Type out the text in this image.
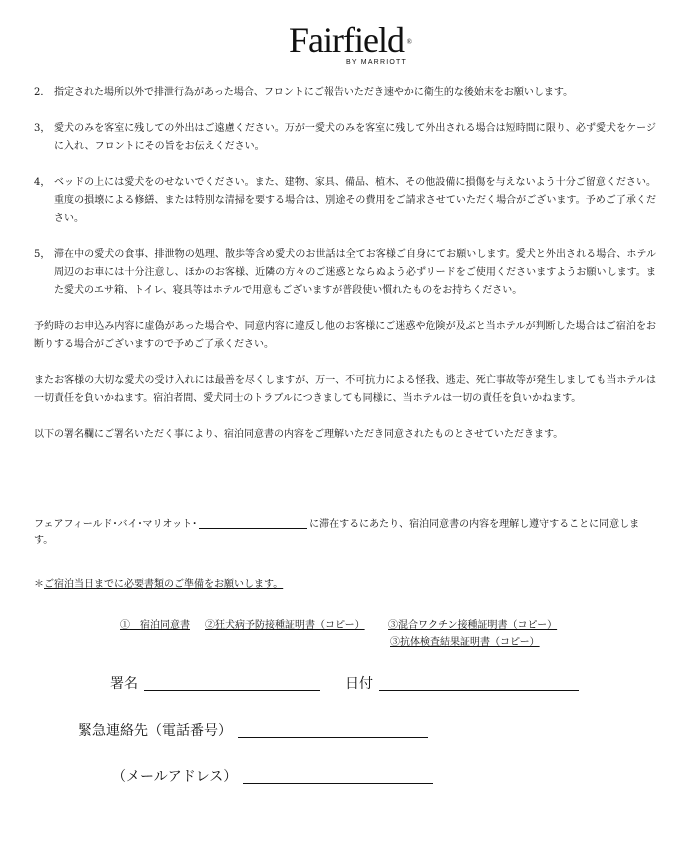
Fairfield ®
BY MARRIOTT
2． 指定された場所以外で排泄行為があった場合、フロントにご報告いただき速やかに衛生的な後始末をお願いします。
3， 愛犬のみを客室に残しての外出はご遠慮ください。万が一愛犬のみを客室に残して外出される場合は短時間に限り、必ず愛犬をケージに入れ、フロントにその旨をお伝えください。
4， ベッドの上には愛犬をのせないでください。また、建物、家具、備品、植木、その他設備に損傷を与えないよう十分ご留意ください。重度の損壊による修繕、または特別な清掃を要する場合は、別途その費用をご請求させていただく場合がございます。予めご了承ください。
5， 滞在中の愛犬の食事、排泄物の処理、散歩等含め愛犬のお世話は全てお客様ご自身にてお願いします。愛犬と外出される場合、ホテル周辺のお車には十分注意し、ほかのお客様、近隣の方々のご迷惑とならぬよう必ずリードをご使用くださいますようお願いします。また愛犬のエサ箱、トイレ、寝具等はホテルで用意もございますが普段使い慣れたものをお持ちください。

予約時のお申込み内容に虚偽があった場合や、同意内容に違反し他のお客様にご迷惑や危険が及ぶと当ホテルが判断した場合はご宿泊をお断りする場合がございますので予めご了承ください。

またお客様の大切な愛犬の受け入れには最善を尽くしますが、万一、不可抗力による怪我、逃走、死亡事故等が発生しましても当ホテルは一切責任を負いかねます。宿泊者間、愛犬同士のトラブルにつきましても同様に、当ホテルは一切の責任を負いかねます。

以下の署名欄にご署名いただく事により、宿泊同意書の内容をご理解いただき同意されたものとさせていただきます。

フェアフィールド･バイ･マリオット･	に滞在するにあたり、宿泊同意書の内容を理解し遵守することに同意します。
＊ご宿泊当日までに必要書類のご準備をお願いします。
①　宿泊同意書 ②狂犬病予防接種証明書（コピー） ③混合ワクチン接種証明書（コピー）
③抗体検査結果証明書（コピー）
署名	日付
緊急連絡先（電話番号）
（メールアドレス）
